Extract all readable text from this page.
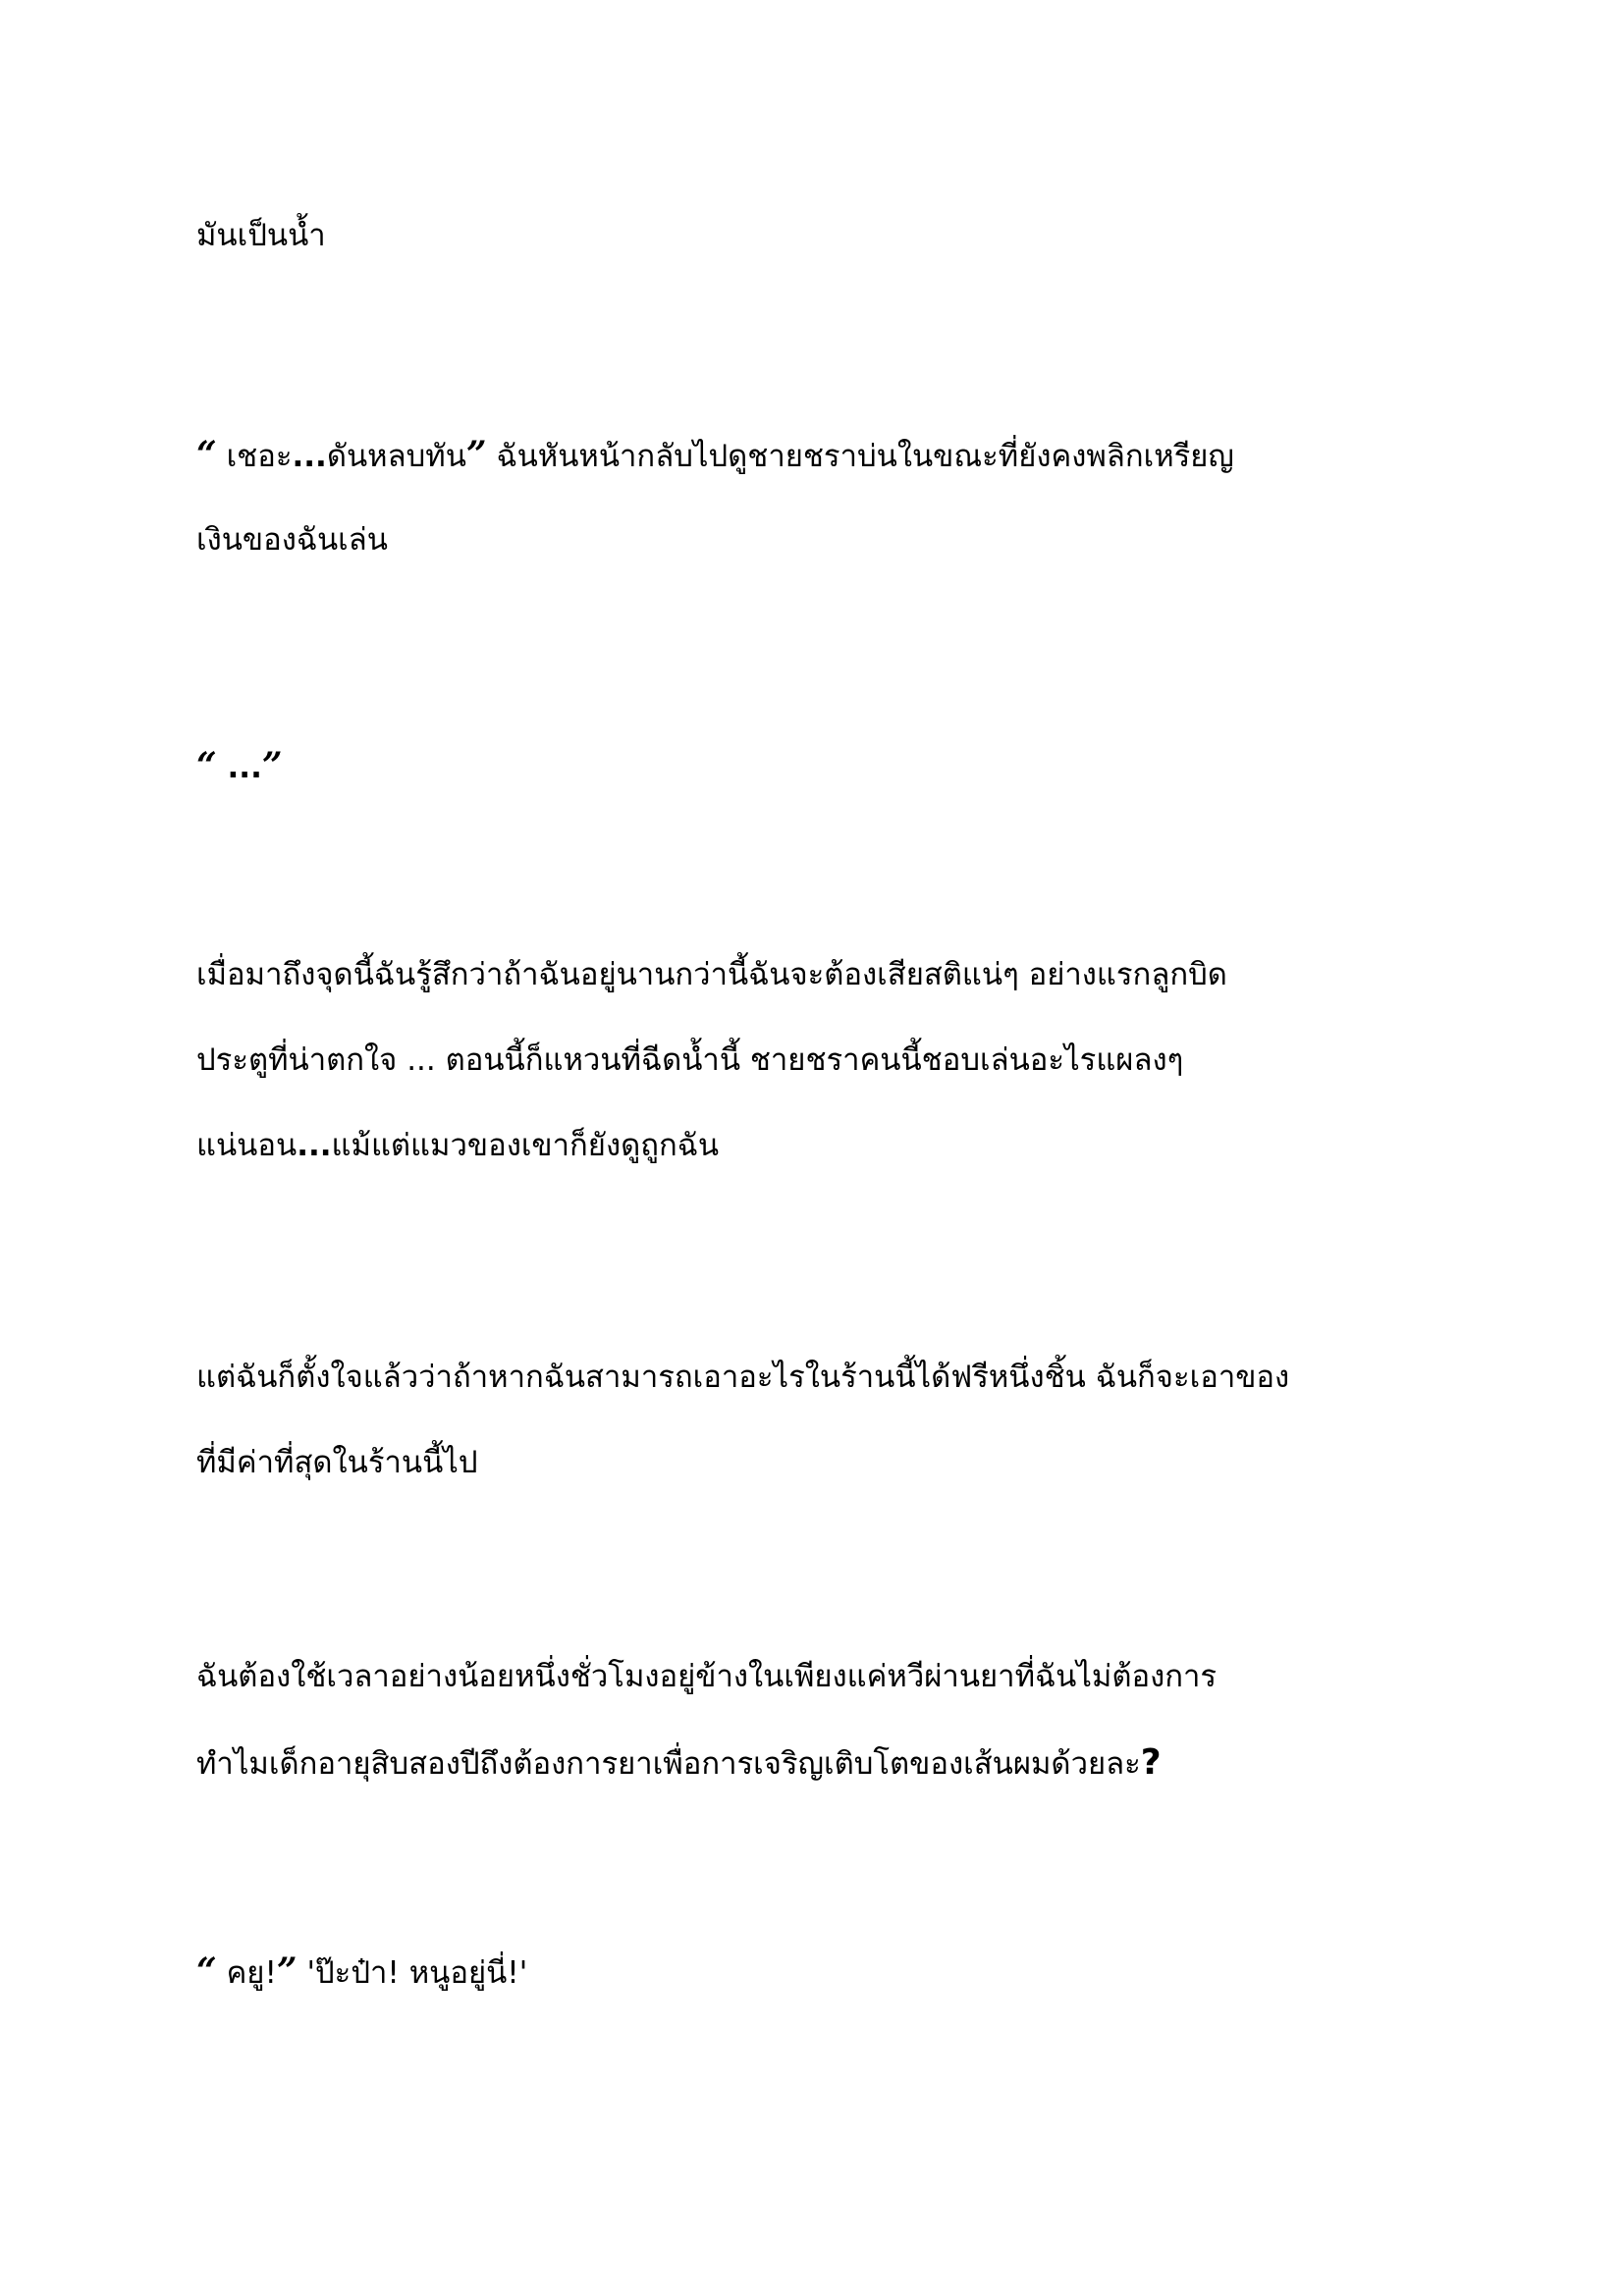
มันเป็นน้ำ

“ เชอะ...ดันหลบทัน” ฉันหันหน้ากลับไปดูชายชราบ่นในขณะที่ยังคงพลิกเหรียญ
เงินของฉันเล่น

“ ...”

เมื่อมาถึงจุดนี้ฉันรู้สึกว่าถ้าฉันอยู่นานกว่านี้ฉันจะต้องเสียสติแน่ๆ อย่างแรกลูกบิด
ประตูที่น่าตกใจ ... ตอนนี้ก็แหวนที่ฉีดน้ำนี้ ชายชราคนนี้ชอบเล่นอะไรแผลงๆ
แน่นอน...แม้แต่แมวของเขาก็ยังดูถูกฉัน

แต่ฉันก็ตั้งใจแล้วว่าถ้าหากฉันสามารถเอาอะไรในร้านนี้ได้ฟรีหนึ่งชิ้น ฉันก็จะเอาของ
ที่มีค่าที่สุดในร้านนี้ไป

ฉันต้องใช้เวลาอย่างน้อยหนึ่งชั่วโมงอยู่ข้างในเพียงแค่หวีผ่านยาที่ฉันไม่ต้องการ
ทำไมเด็กอายุสิบสองปีถึงต้องการยาเพื่อการเจริญเติบโตของเส้นผมด้วยละ?

“ คยู!” 'ป๊ะป๋า! หนูอยู่นี่!'
